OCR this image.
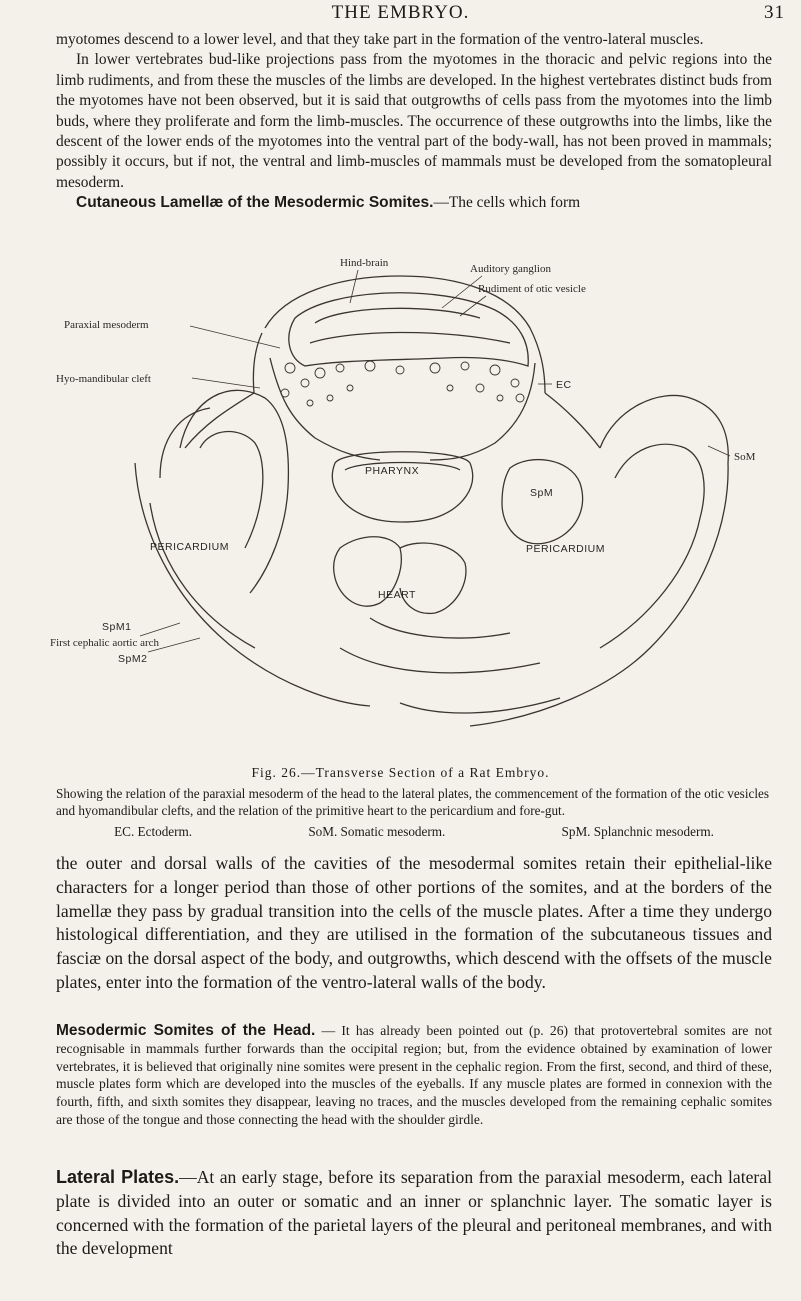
THE EMBRYO.	31

myotomes descend to a lower level, and that they take part in the formation of the ventro-lateral muscles.

In lower vertebrates bud-like projections pass from the myotomes in the thoracic and pelvic regions into the limb rudiments, and from these the muscles of the limbs are developed. In the highest vertebrates distinct buds from the myotomes have not been observed, but it is said that outgrowths of cells pass from the myotomes into the limb buds, where they proliferate and form the limb-muscles. The occurrence of these outgrowths into the limbs, like the descent of the lower ends of the myotomes into the ventral part of the body-wall, has not been proved in mammals; possibly it occurs, but if not, the ventral and limb-muscles of mammals must be developed from the somatopleural mesoderm.

Cutaneous Lamellæ of the Mesodermic Somites.—The cells which form

Hind-brain	Auditory ganglion
Rudiment of otic vesicle
Paraxial mesoderm
Hyo-mandibular cleft	EC
SoM
PHARYNX
SpM
PERICARDIUM	PERICARDIUM
HEART
SpM1
First cephalic aortic arch
SpM2
Fig. 26.—Transverse Section of a Rat Embryo.

Showing the relation of the paraxial mesoderm of the head to the lateral plates, the commencement of the formation of the otic vesicles and hyomandibular clefts, and the relation of the primitive heart to the pericardium and fore-gut.

EC. Ectoderm.	SoM. Somatic mesoderm.	SpM. Splanchnic mesoderm.

the outer and dorsal walls of the cavities of the mesodermal somites retain their epithelial-like characters for a longer period than those of other portions of the somites, and at the borders of the lamellæ they pass by gradual transition into the cells of the muscle plates. After a time they undergo histological differentiation, and they are utilised in the formation of the subcutaneous tissues and fasciæ on the dorsal aspect of the body, and outgrowths, which descend with the offsets of the muscle plates, enter into the formation of the ventro-lateral walls of the body.

Mesodermic Somites of the Head. — It has already been pointed out (p. 26) that protovertebral somites are not recognisable in mammals further forwards than the occipital region; but, from the evidence obtained by examination of lower vertebrates, it is believed that originally nine somites were present in the cephalic region. From the first, second, and third of these, muscle plates form which are developed into the muscles of the eyeballs. If any muscle plates are formed in connexion with the fourth, fifth, and sixth somites they disappear, leaving no traces, and the muscles developed from the remaining cephalic somites are those of the tongue and those connecting the head with the shoulder girdle.

Lateral Plates.—At an early stage, before its separation from the paraxial mesoderm, each lateral plate is divided into an outer or somatic and an inner or splanchnic layer. The somatic layer is concerned with the formation of the parietal layers of the pleural and peritoneal membranes, and with the development
